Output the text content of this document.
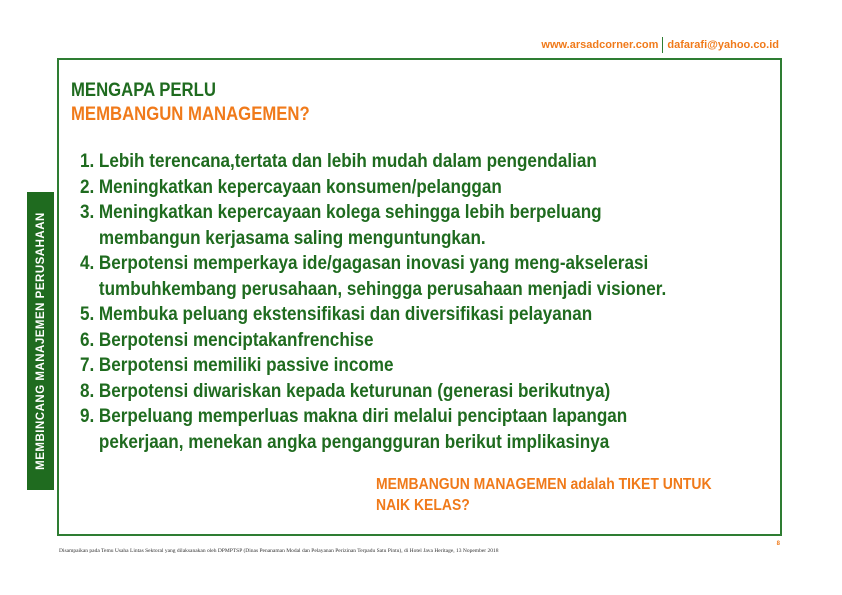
www.arsadcorner.com dafarafi@yahoo.co.id
MEMBINCANG MANAJEMEN PERUSAHAAN
MENGAPA PERLU
MEMBANGUN MANAGEMEN?
1. Lebih terencana,tertata dan lebih mudah dalam pengendalian
2. Meningkatkan kepercayaan konsumen/pelanggan
3. Meningkatkan kepercayaan kolega sehingga lebih berpeluang membangun kerjasama saling menguntungkan.
4. Berpotensi memperkaya ide/gagasan inovasi yang meng-akselerasi tumbuhkembang perusahaan, sehingga perusahaan menjadi visioner.
5. Membuka peluang ekstensifikasi dan diversifikasi pelayanan
6. Berpotensi menciptakanfrenchise
7. Berpotensi memiliki passive income
8. Berpotensi diwariskan kepada keturunan (generasi berikutnya)
9. Berpeluang memperluas makna diri melalui penciptaan lapangan pekerjaan, menekan angka pengangguran berikut implikasinya
MEMBANGUN MANAGEMEN adalah TIKET UNTUK NAIK KELAS?
Disampaikan pada Temu Usaha Lintas Sektoral yang dilaksanakan oleh DPMPTSP (Dinas Penanaman Modal dan Pelayanan Perizinan Terpadu Satu Pintu), di Hotel Java Heritage, 13 Nopember 2018
8
